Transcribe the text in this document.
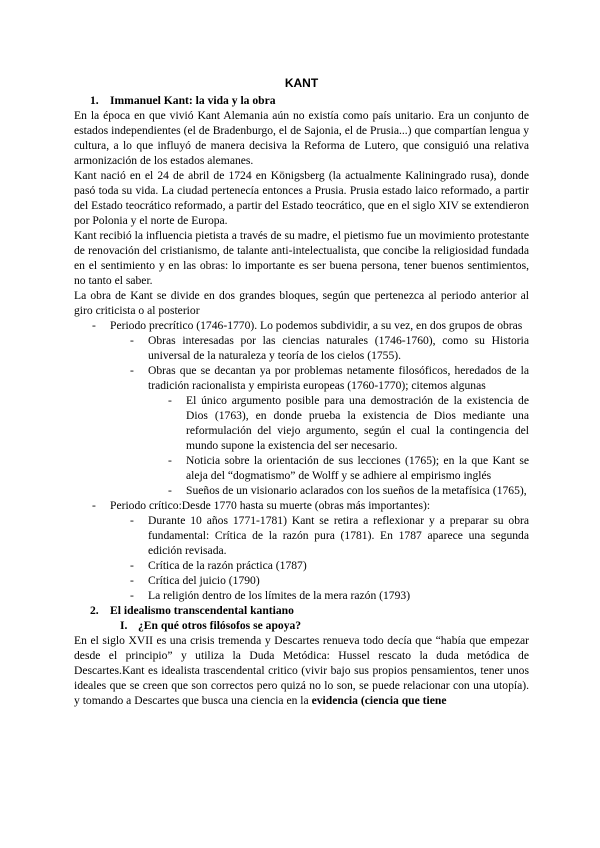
KANT
1. Immanuel Kant: la vida y la obra

En la época en que vivió Kant Alemania aún no existía como país unitario. Era un conjunto de estados independientes (el de Bradenburgo, el de Sajonia, el de Prusia...) que compartían lengua y cultura, a lo que influyó de manera decisiva la Reforma de Lutero, que consiguió una relativa armonización de los estados alemanes.

Kant nació en el 24 de abril de 1724 en Königsberg (la actualmente Kaliningrado rusa), donde pasó toda su vida. La ciudad pertenecía entonces a Prusia. Prusia estado laico reformado, a partir del Estado teocrático reformado, a partir del Estado teocrático, que en el siglo XIV se extendieron por Polonia y el norte de Europa.

Kant recibió la influencia pietista a través de su madre, el pietismo fue un movimiento protestante de renovación del cristianismo, de talante anti-intelectualista, que concibe la religiosidad fundada en el sentimiento y en las obras: lo importante es ser buena persona, tener buenos sentimientos, no tanto el saber.

La obra de Kant se divide en dos grandes bloques, según que pertenezca al periodo anterior al giro criticista o al posterior

- Periodo precrítico (1746-1770). Lo podemos subdividir, a su vez, en dos grupos de obras
- Obras interesadas por las ciencias naturales (1746-1760), como su Historia universal de la naturaleza y teoría de los cielos (1755).
- Obras que se decantan ya por problemas netamente filosóficos, heredados de la tradición racionalista y empirista europeas (1760-1770); citemos algunas
- El único argumento posible para una demostración de la existencia de Dios (1763), en donde prueba la existencia de Dios mediante una reformulación del viejo argumento, según el cual la contingencia del mundo supone la existencia del ser necesario.
- Noticia sobre la orientación de sus lecciones (1765); en la que Kant se aleja del “dogmatismo” de Wolff y se adhiere al empirismo inglés
- Sueños de un visionario aclarados con los sueños de la metafísica (1765),
- Periodo crítico:Desde 1770 hasta su muerte (obras más importantes):
- Durante 10 años 1771-1781) Kant se retira a reflexionar y a preparar su obra fundamental: Crítica de la razón pura (1781). En 1787 aparece una segunda edición revisada.
- Crítica de la razón práctica (1787)
- Crítica del juicio (1790)
- La religión dentro de los límites de la mera razón (1793)
2. El idealismo transcendental kantiano
I. ¿En qué otros filósofos se apoya?

En el siglo XVII es una crisis tremenda y Descartes renueva todo decía que “había que empezar desde el principio” y utiliza la Duda Metódica: Hussel rescato la duda metódica de Descartes.Kant es idealista trascendental critico (vivir bajo sus propios pensamientos, tener unos ideales que se creen que son correctos pero quizá no lo son, se puede relacionar con una utopía). y tomando a Descartes que busca una ciencia en la evidencia (ciencia que tiene
